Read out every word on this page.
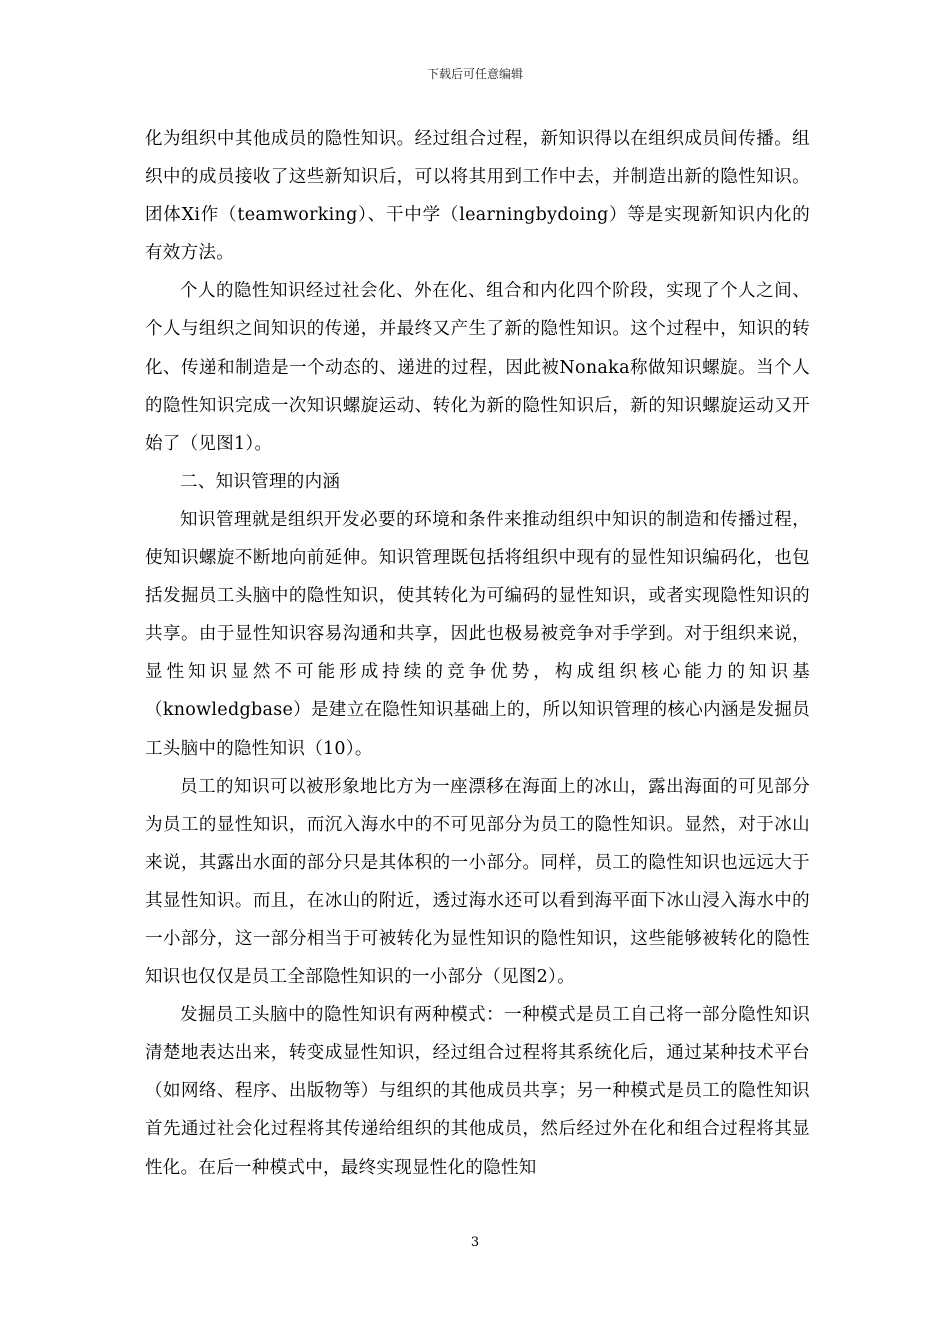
下载后可任意编辑

化为组织中其他成员的隐性知识。经过组合过程，新知识得以在组织成员间传播。组织中的成员接收了这些新知识后，可以将其用到工作中去，并制造出新的隐性知识。团体Xi作（teamworking）、干中学（learningbydoing）等是实现新知识内化的有效方法。

个人的隐性知识经过社会化、外在化、组合和内化四个阶段，实现了个人之间、个人与组织之间知识的传递，并最终又产生了新的隐性知识。这个过程中，知识的转化、传递和制造是一个动态的、递进的过程，因此被Nonaka称做知识螺旋。当个人的隐性知识完成一次知识螺旋运动、转化为新的隐性知识后，新的知识螺旋运动又开始了（见图1）。

二、知识管理的内涵

知识管理就是组织开发必要的环境和条件来推动组织中知识的制造和传播过程，使知识螺旋不断地向前延伸。知识管理既包括将组织中现有的显性知识编码化，也包括发掘员工头脑中的隐性知识，使其转化为可编码的显性知识，或者实现隐性知识的共享。由于显性知识容易沟通和共享，因此也极易被竞争对手学到。对于组织来说，显性知识显然不可能形成持续的竞争优势，构成组织核心能力的知识基（knowledgbase）是建立在隐性知识基础上的，所以知识管理的核心内涵是发掘员工头脑中的隐性知识（10）。

员工的知识可以被形象地比方为一座漂移在海面上的冰山，露出海面的可见部分为员工的显性知识，而沉入海水中的不可见部分为员工的隐性知识。显然，对于冰山来说，其露出水面的部分只是其体积的一小部分。同样，员工的隐性知识也远远大于其显性知识。而且，在冰山的附近，透过海水还可以看到海平面下冰山浸入海水中的一小部分，这一部分相当于可被转化为显性知识的隐性知识，这些能够被转化的隐性知识也仅仅是员工全部隐性知识的一小部分（见图2）。

发掘员工头脑中的隐性知识有两种模式：一种模式是员工自己将一部分隐性知识清楚地表达出来，转变成显性知识，经过组合过程将其系统化后，通过某种技术平台（如网络、程序、出版物等）与组织的其他成员共享；另一种模式是员工的隐性知识首先通过社会化过程将其传递给组织的其他成员，然后经过外在化和组合过程将其显性化。在后一种模式中，最终实现显性化的隐性知

3
